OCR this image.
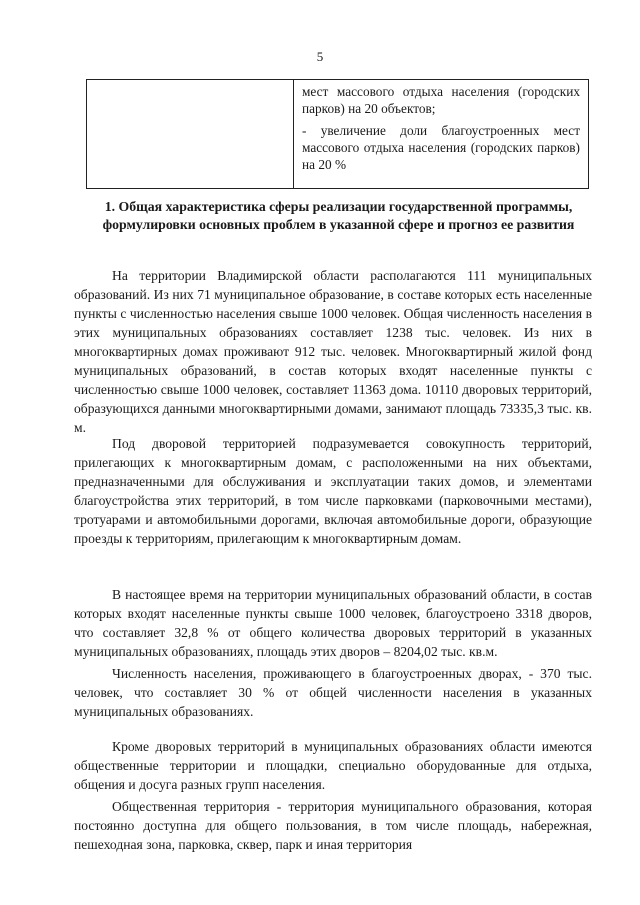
5

мест массового отдыха населения (городских парков) на 20 объектов;

- увеличение доли благоустроенных мест массового отдыха населения (городских парков) на 20 %

1. Общая характеристика сферы реализации государственной программы, формулировки основных проблем в указанной сфере и прогноз ее развития

На территории Владимирской области располагаются 111 муниципальных образований. Из них 71 муниципальное образование, в составе которых есть населенные пункты с численностью населения свыше 1000 человек. Общая численность населения в этих муниципальных образованиях составляет 1238 тыс. человек. Из них в многоквартирных домах проживают 912 тыс. человек. Многоквартирный жилой фонд муниципальных образований, в состав которых входят населенные пункты с численностью свыше 1000 человек, составляет 11363 дома. 10110 дворовых территорий, образующихся данными многоквартирными домами, занимают площадь 73335,3 тыс. кв. м.

Под дворовой территорией подразумевается совокупность территорий, прилегающих к многоквартирным домам, с расположенными на них объектами, предназначенными для обслуживания и эксплуатации таких домов, и элементами благоустройства этих территорий, в том числе парковками (парковочными местами), тротуарами и автомобильными дорогами, включая автомобильные дороги, образующие проезды к территориям, прилегающим к многоквартирным домам.

В настоящее время на территории муниципальных образований области, в состав которых входят населенные пункты свыше 1000 человек, благоустроено 3318 дворов, что составляет 32,8 % от общего количества дворовых территорий в указанных муниципальных образованиях, площадь этих дворов – 8204,02 тыс. кв.м.

Численность населения, проживающего в благоустроенных дворах, - 370 тыс. человек, что составляет 30 % от общей численности населения в указанных муниципальных образованиях.

Кроме дворовых территорий в муниципальных образованиях области имеются общественные территории и площадки, специально оборудованные для отдыха, общения и досуга разных групп населения.

Общественная территория - территория муниципального образования, которая постоянно доступна для общего пользования, в том числе площадь, набережная, пешеходная зона, парковка, сквер, парк и иная территория
